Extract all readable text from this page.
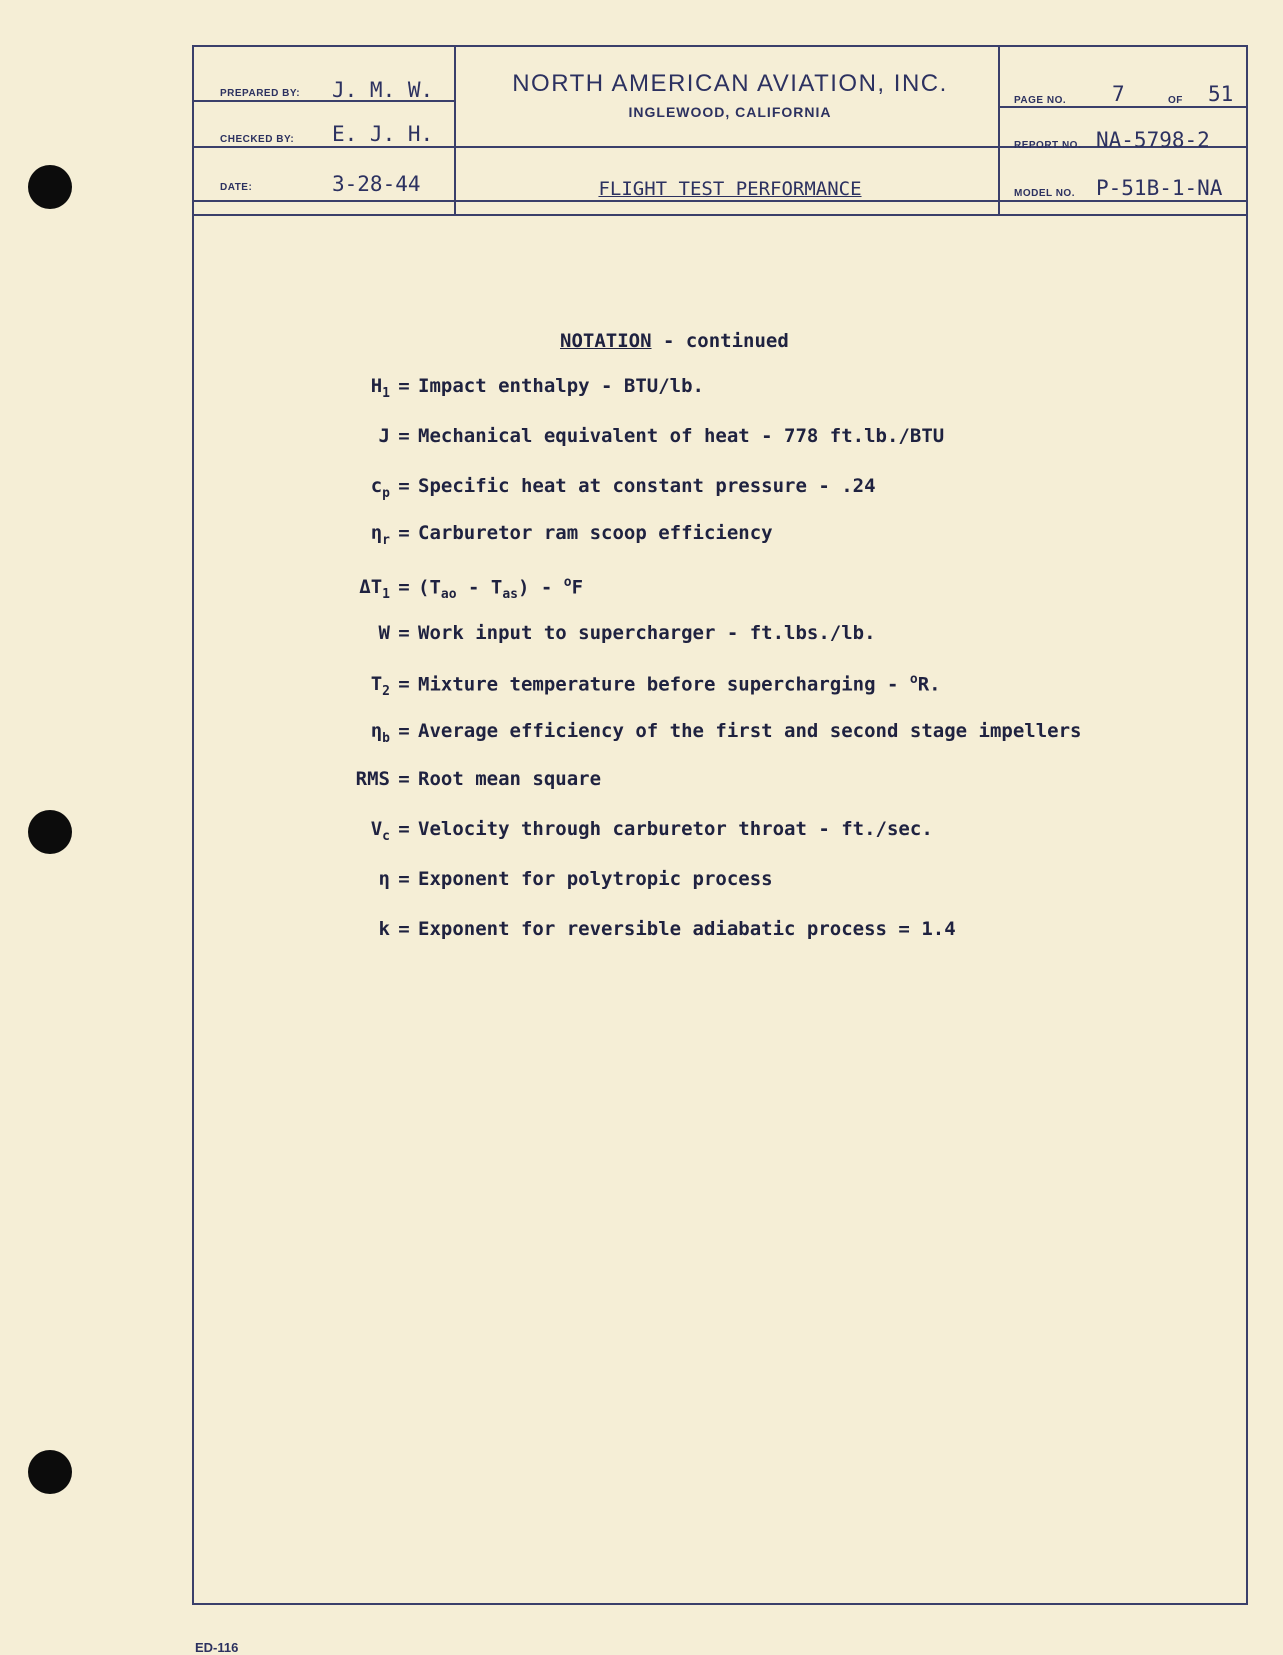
PREPARED BY: J. M. W.
CHECKED BY: E. J. H.
DATE:	3-28-44
NORTH AMERICAN AVIATION, INC.
INGLEWOOD, CALIFORNIA
FLIGHT TEST PERFORMANCE
PAGE NO. 7	OF 51
REPORT NO. NA-5798-2
MODEL NO. P-51B-1-NA
NOTATION - continued
$H_1$ = Impact enthalpy - BTU/lb.
J = Mechanical equivalent of heat - 778 ft.lb./BTU
$c_p$ = Specific heat at constant pressure - .24
$\eta_r$ = Carburetor ram scoop efficiency
$\Delta T_1 = (T_{ao} - T_{as}) - ^oF$
W = Work input to supercharger - ft.lbs./lb.
$T_2$ = Mixture temperature before supercharging - $^o$R.
$\eta_b$ = Average efficiency of the first and second stage impellers
RMS = Root mean square
$V_c$ = Velocity through carburetor throat - ft./sec.
η = Exponent for polytropic process
k = Exponent for reversible adiabatic process = 1.4
ED-116
